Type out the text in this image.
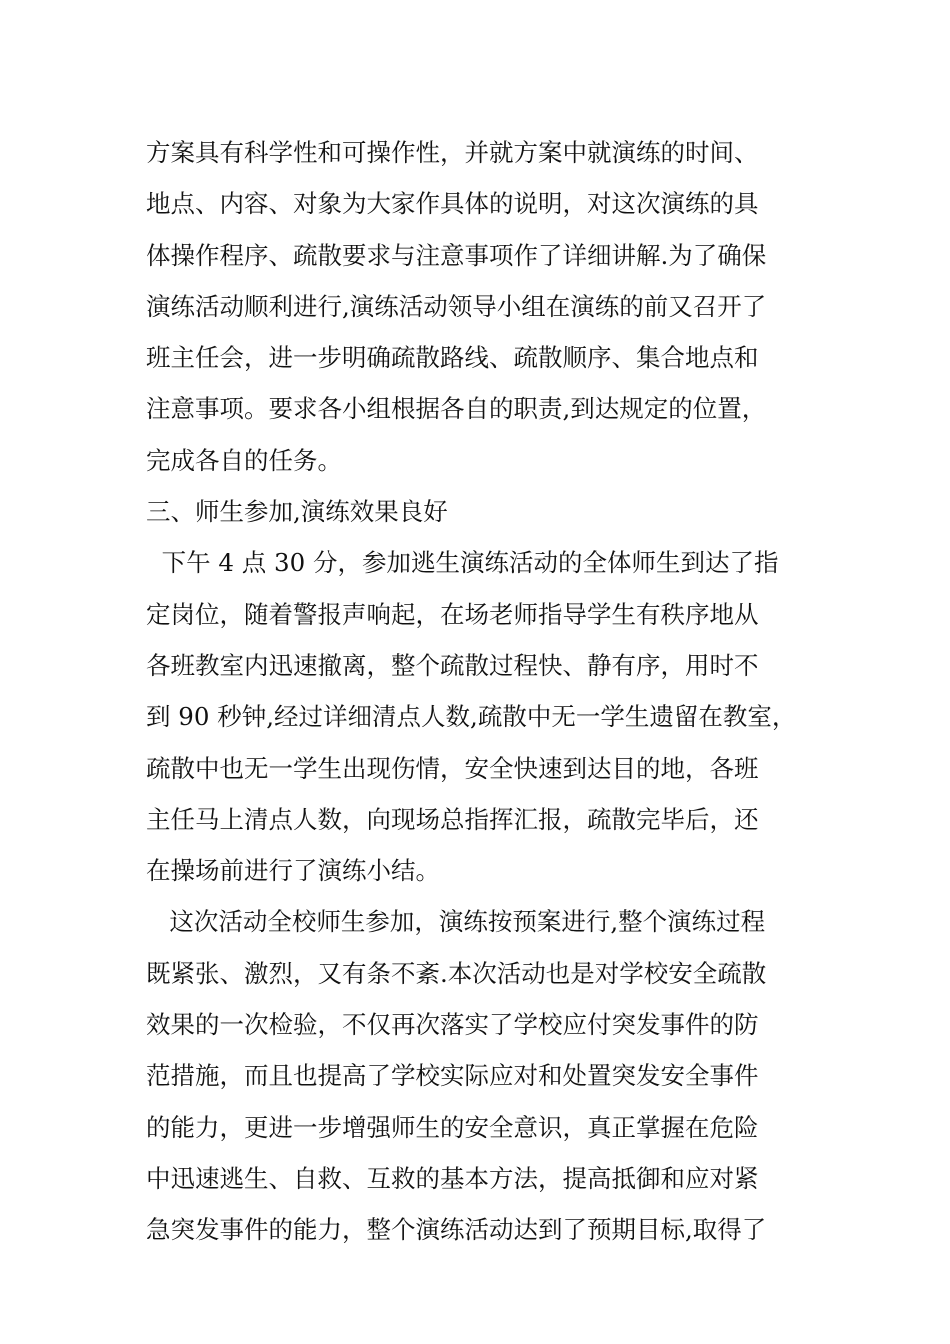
方案具有科学性和可操作性，并就方案中就演练的时间、
地点、内容、对象为大家作具体的说明，对这次演练的具
体操作程序、疏散要求与注意事项作了详细讲解.为了确保
演练活动顺利进行,演练活动领导小组在演练的前又召开了
班主任会，进一步明确疏散路线、疏散顺序、集合地点和
注意事项。要求各小组根据各自的职责,到达规定的位置，
完成各自的任务。
三、师生参加,演练效果良好
下午 4 点 30 分，参加逃生演练活动的全体师生到达了指
定岗位，随着警报声响起，在场老师指导学生有秩序地从
各班教室内迅速撤离，整个疏散过程快、静有序，用时不
到 90 秒钟,经过详细清点人数,疏散中无一学生遗留在教室，
疏散中也无一学生出现伤情，安全快速到达目的地，各班
主任马上清点人数，向现场总指挥汇报，疏散完毕后，还
在操场前进行了演练小结。
这次活动全校师生参加，演练按预案进行,整个演练过程
既紧张、激烈，又有条不紊.本次活动也是对学校安全疏散
效果的一次检验，不仅再次落实了学校应付突发事件的防
范措施，而且也提高了学校实际应对和处置突发安全事件
的能力，更进一步增强师生的安全意识，真正掌握在危险
中迅速逃生、自救、互救的基本方法，提高抵御和应对紧
急突发事件的能力，整个演练活动达到了预期目标,取得了
